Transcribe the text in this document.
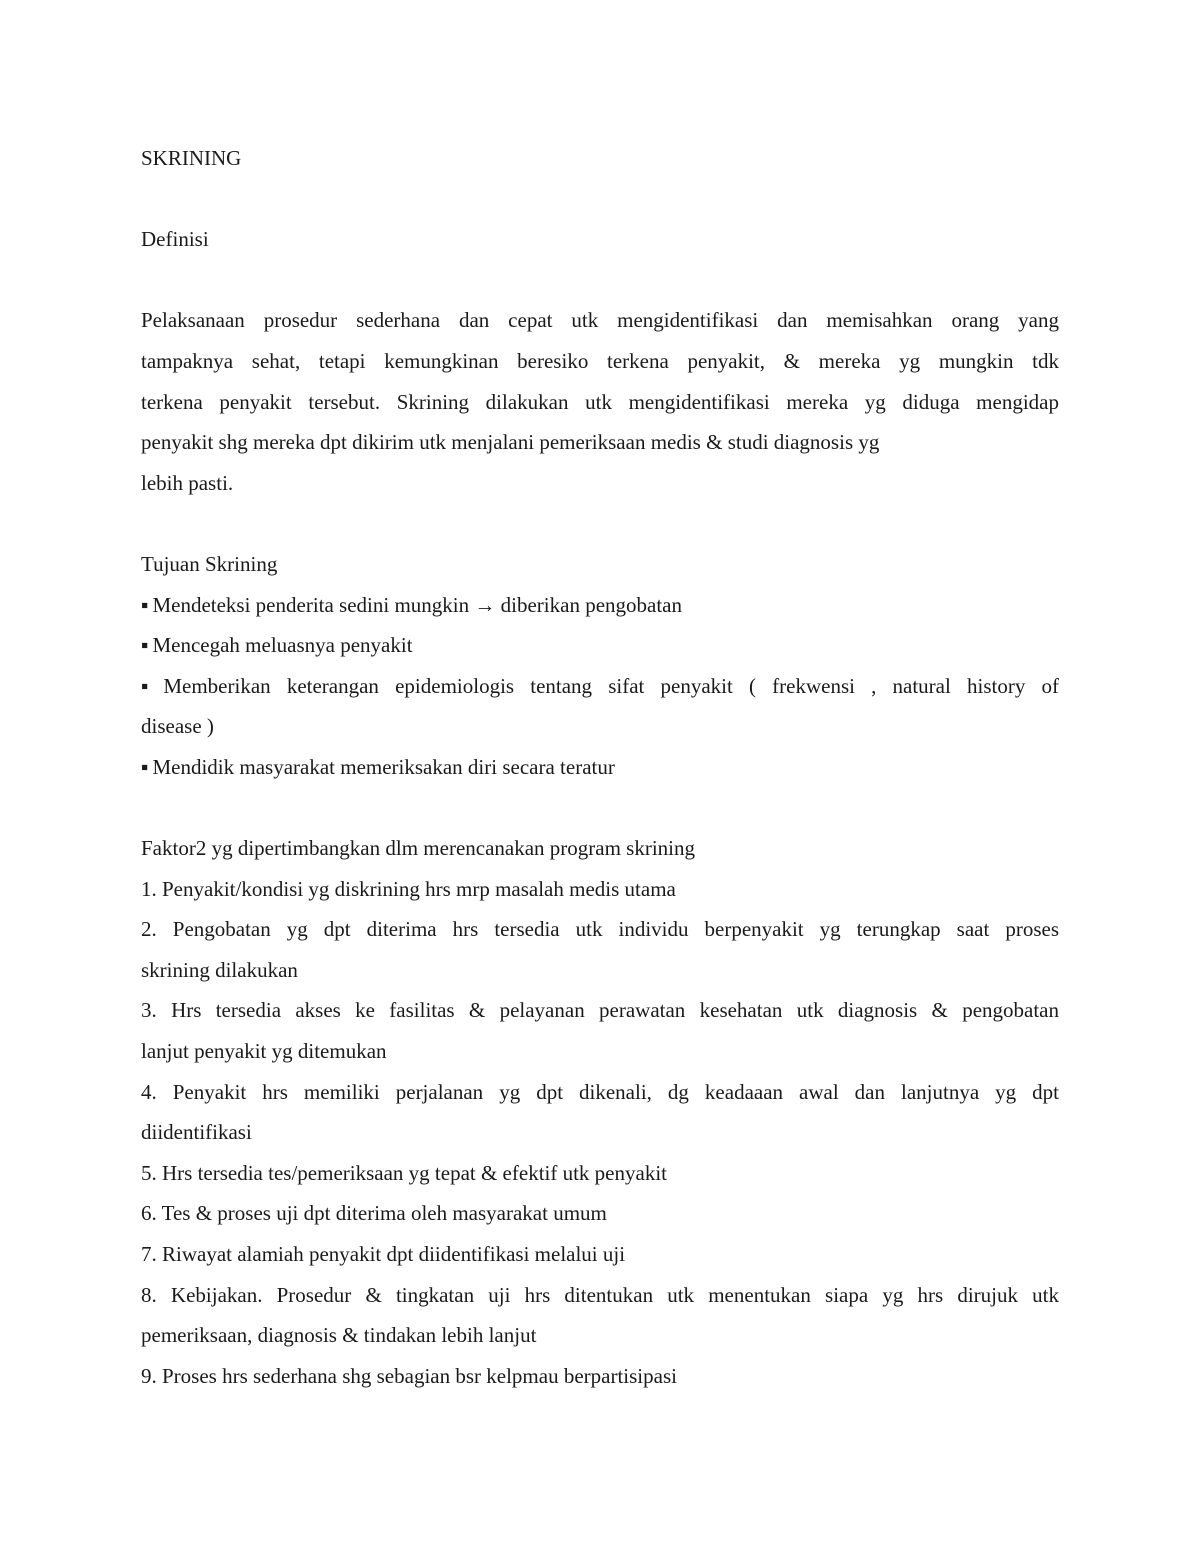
SKRINING
Definisi
Pelaksanaan prosedur sederhana dan cepat utk mengidentifikasi dan memisahkan orang yang
tampaknya sehat, tetapi kemungkinan beresiko terkena penyakit, & mereka yg mungkin tdk
terkena penyakit tersebut. Skrining dilakukan utk mengidentifikasi mereka yg diduga mengidap
penyakit shg mereka dpt dikirim utk menjalani pemeriksaan medis & studi diagnosis yg
lebih pasti.
Tujuan Skrining
▪ Mendeteksi penderita sedini mungkin → diberikan pengobatan
▪ Mencegah meluasnya penyakit
▪ Memberikan keterangan epidemiologis tentang sifat penyakit ( frekwensi , natural history of
disease )
▪ Mendidik masyarakat memeriksakan diri secara teratur
Faktor2 yg dipertimbangkan dlm merencanakan program skrining
1. Penyakit/kondisi yg diskrining hrs mrp masalah medis utama
2. Pengobatan yg dpt diterima hrs tersedia utk individu berpenyakit yg terungkap saat proses
skrining dilakukan
3. Hrs tersedia akses ke fasilitas & pelayanan perawatan kesehatan utk diagnosis & pengobatan
lanjut penyakit yg ditemukan
4. Penyakit hrs memiliki perjalanan yg dpt dikenali, dg keadaaan awal dan lanjutnya yg dpt
diidentifikasi
5. Hrs tersedia tes/pemeriksaan yg tepat & efektif utk penyakit
6. Tes & proses uji dpt diterima oleh masyarakat umum
7. Riwayat alamiah penyakit dpt diidentifikasi melalui uji
8. Kebijakan. Prosedur & tingkatan uji hrs ditentukan utk menentukan siapa yg hrs dirujuk utk
pemeriksaan, diagnosis & tindakan lebih lanjut
9. Proses hrs sederhana shg sebagian bsr kelpmau berpartisipasi
